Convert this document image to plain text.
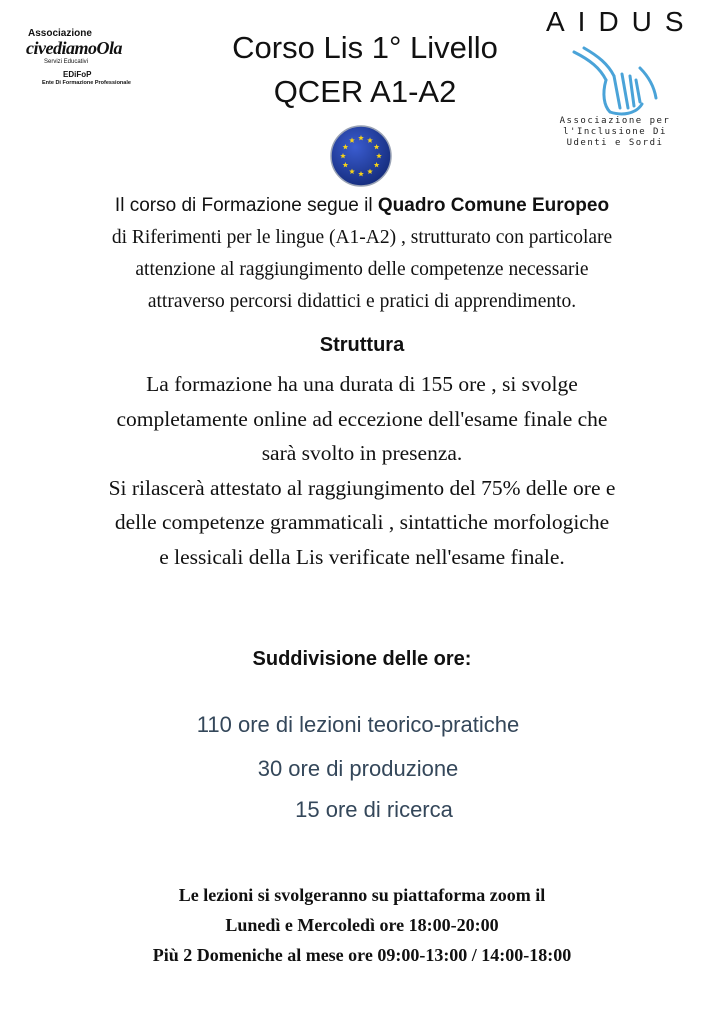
Associazione
civediamoOla
Servizi Educativi
EDiFoP
Ente Di Formazione Professionale
Corso Lis 1° Livello
QCER A1-A2
AIDUS
Associazione per
l'Inclusione Di
Udenti e Sordi
Il corso di Formazione segue il Quadro Comune Europeo
di Riferimenti per le lingue (A1-A2) , strutturato con particolare
attenzione al raggiungimento delle competenze necessarie
attraverso percorsi didattici e pratici di apprendimento.
Struttura
La formazione ha una durata di 155 ore , si svolge
completamente online ad eccezione dell'esame finale che
sarà svolto in presenza.
Si rilascerà attestato al raggiungimento del 75% delle ore e
delle competenze grammaticali , sintattiche morfologiche
e lessicali della Lis verificate nell'esame finale.
Suddivisione delle ore:
110 ore di lezioni teorico-pratiche
30 ore di produzione
15 ore di ricerca
Le lezioni si svolgeranno su piattaforma zoom il
Lunedì e Mercoledì ore 18:00-20:00
Più 2 Domeniche al mese ore 09:00-13:00 / 14:00-18:00
